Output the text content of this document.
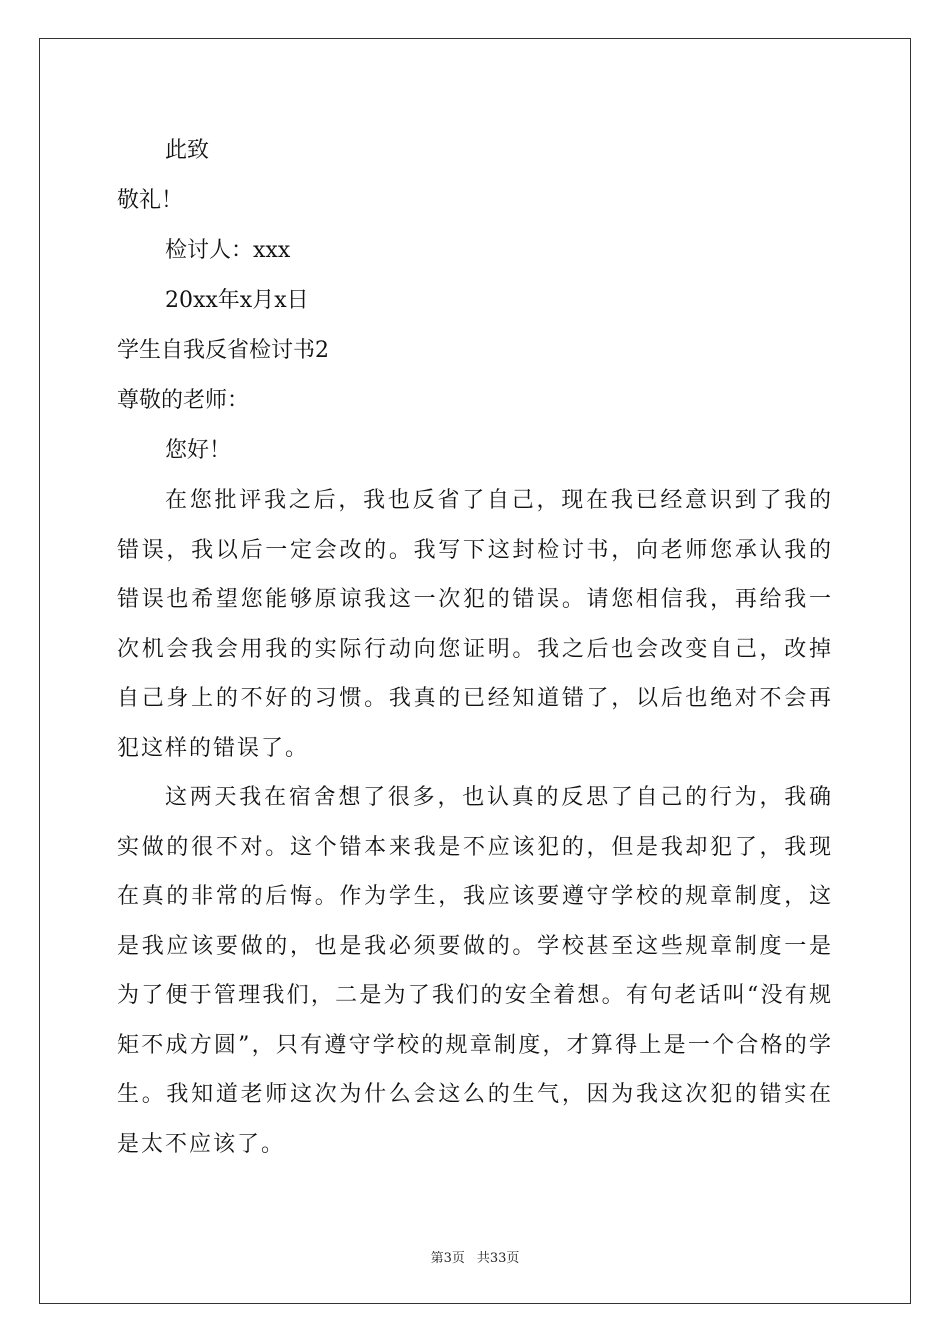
此致
敬礼！
检讨人：xxx
20xx年x月x日
学生自我反省检讨书2
尊敬的老师：
您好！

在您批评我之后，我也反省了自己，现在我已经意识到了我的错误，我以后一定会改的。我写下这封检讨书，向老师您承认我的错误也希望您能够原谅我这一次犯的错误。请您相信我，再给我一次机会我会用我的实际行动向您证明。我之后也会改变自己，改掉自己身上的不好的习惯。我真的已经知道错了，以后也绝对不会再犯这样的错误了。

这两天我在宿舍想了很多，也认真的反思了自己的行为，我确实做的很不对。这个错本来我是不应该犯的，但是我却犯了，我现在真的非常的后悔。作为学生，我应该要遵守学校的规章制度，这是我应该要做的，也是我必须要做的。学校甚至这些规章制度一是为了便于管理我们，二是为了我们的安全着想。有句老话叫“没有规矩不成方圆”，只有遵守学校的规章制度，才算得上是一个合格的学生。我知道老师这次为什么会这么的生气，因为我这次犯的错实在是太不应该了。

第3页 共33页
